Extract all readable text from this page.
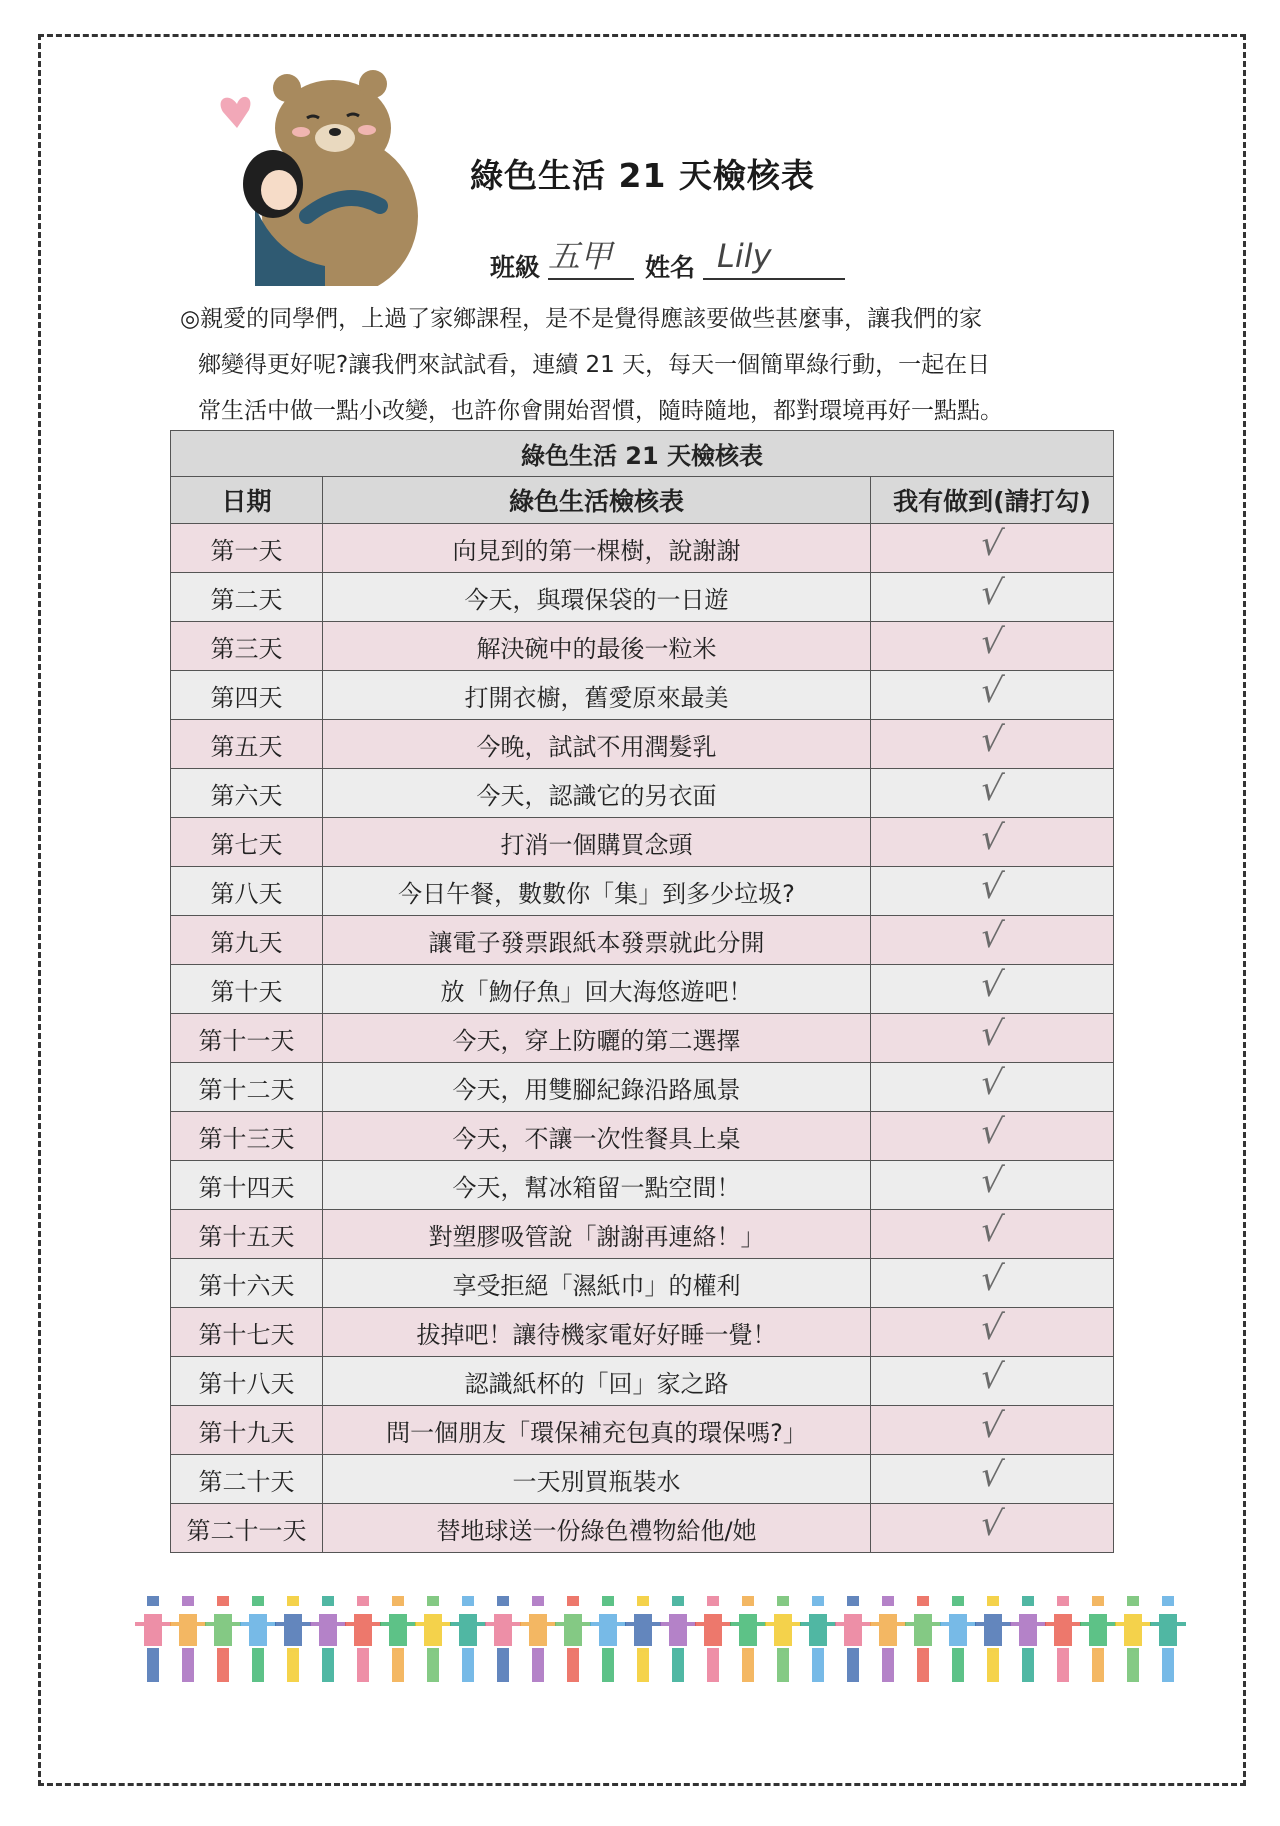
綠色生活 21 天檢核表
班級 五甲	姓名 Lily
◎親愛的同學們，上過了家鄉課程，是不是覺得應該要做些甚麼事，讓我們的家
鄉變得更好呢?讓我們來試試看，連續 21 天，每天一個簡單綠行動，一起在日
常生活中做一點小改變，也許你會開始習慣，隨時隨地，都對環境再好一點點。
綠色生活 21 天檢核表		
日期	綠色生活檢核表	我有做到(請打勾)
第一天	向見到的第一棵樹，說謝謝	√
第二天	今天，與環保袋的一日遊	√
第三天	解決碗中的最後一粒米	√
第四天	打開衣櫥，舊愛原來最美	√
第五天	今晚，試試不用潤髮乳	√
第六天	今天，認識它的另衣面	√
第七天	打消一個購買念頭	√
第八天	今日午餐，數數你「集」到多少垃圾?	√
第九天	讓電子發票跟紙本發票就此分開	√
第十天	放「魩仔魚」回大海悠遊吧！	√
第十一天	今天，穿上防曬的第二選擇	√
第十二天	今天，用雙腳紀錄沿路風景	√
第十三天	今天，不讓一次性餐具上桌	√
第十四天	今天，幫冰箱留一點空間！	√
第十五天	對塑膠吸管說「謝謝再連絡！」	√
第十六天	享受拒絕「濕紙巾」的權利	√
第十七天	拔掉吧！讓待機家電好好睡一覺！	√
第十八天	認識紙杯的「回」家之路	√
第十九天	問一個朋友「環保補充包真的環保嗎?」	√
第二十天	一天別買瓶裝水	√
第二十一天	替地球送一份綠色禮物給他/她	√
